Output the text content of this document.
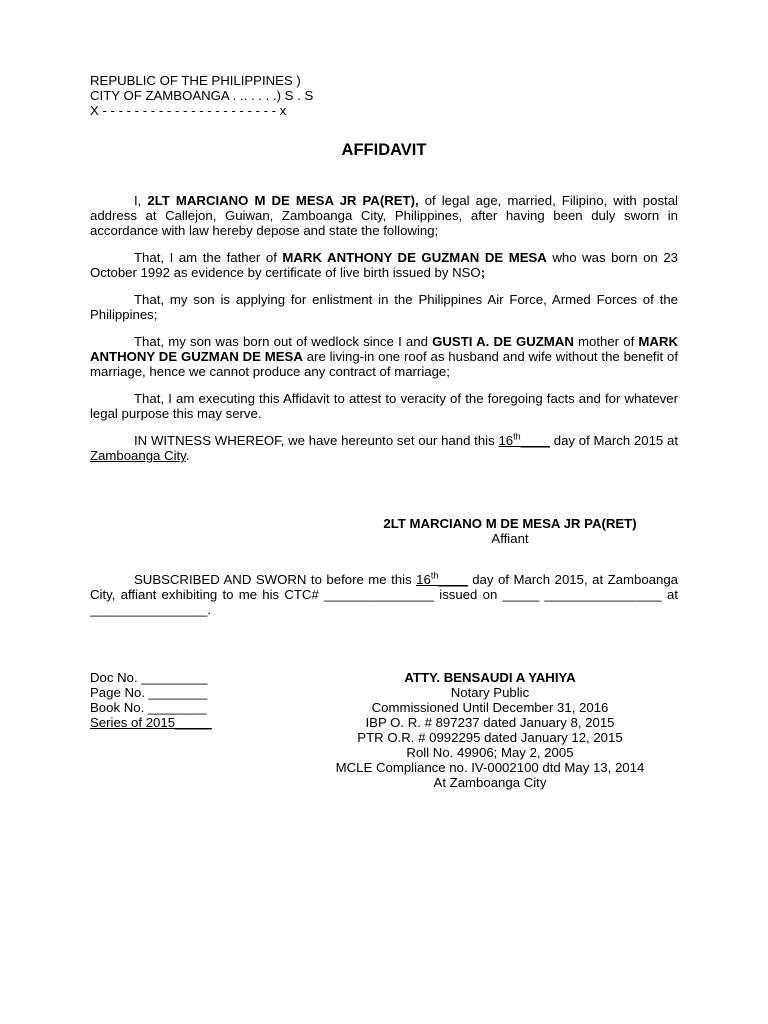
REPUBLIC OF THE PHILIPPINES )
CITY OF ZAMBOANGA . .. . . . .) S . S
X - - - - - - - - - - - - - - - - - - - - - - x
AFFIDAVIT

I, 2LT MARCIANO M DE MESA JR PA(RET), of legal age, married, Filipino, with postal address at Callejon, Guiwan, Zamboanga City, Philippines, after having been duly sworn in accordance with law hereby depose and state the following;

That, I am the father of MARK ANTHONY DE GUZMAN DE MESA who was born on 23 October 1992 as evidence by certificate of live birth issued by NSO;

That, my son is applying for enlistment in the Philippines Air Force, Armed Forces of the Philippines;

That, my son was born out of wedlock since I and GUSTI A. DE GUZMAN mother of MARK ANTHONY DE GUZMAN DE MESA are living-in one roof as husband and wife without the benefit of marriage, hence we cannot produce any contract of marriage;

That, I am executing this Affidavit to attest to veracity of the foregoing facts and for whatever legal purpose this may serve.

IN WITNESS WHEREOF, we have hereunto set our hand this 16th____ day of March 2015 at Zamboanga City.

2LT MARCIANO M DE MESA JR PA(RET)
Affiant

SUBSCRIBED AND SWORN to before me this 16th____ day of March 2015, at Zamboanga City, affiant exhibiting to me his CTC# _______________ issued on _____ ________________ at ________________.

Doc No. _________
Page No. ________
Book No. ________
Series of 2015_____
ATTY. BENSAUDI A YAHIYA
Notary Public
Commissioned Until December 31, 2016
IBP O. R. # 897237 dated January 8, 2015
PTR O.R. # 0992295 dated January 12, 2015
Roll No. 49906; May 2, 2005
MCLE Compliance no. IV-0002100 dtd May 13, 2014
At Zamboanga City
